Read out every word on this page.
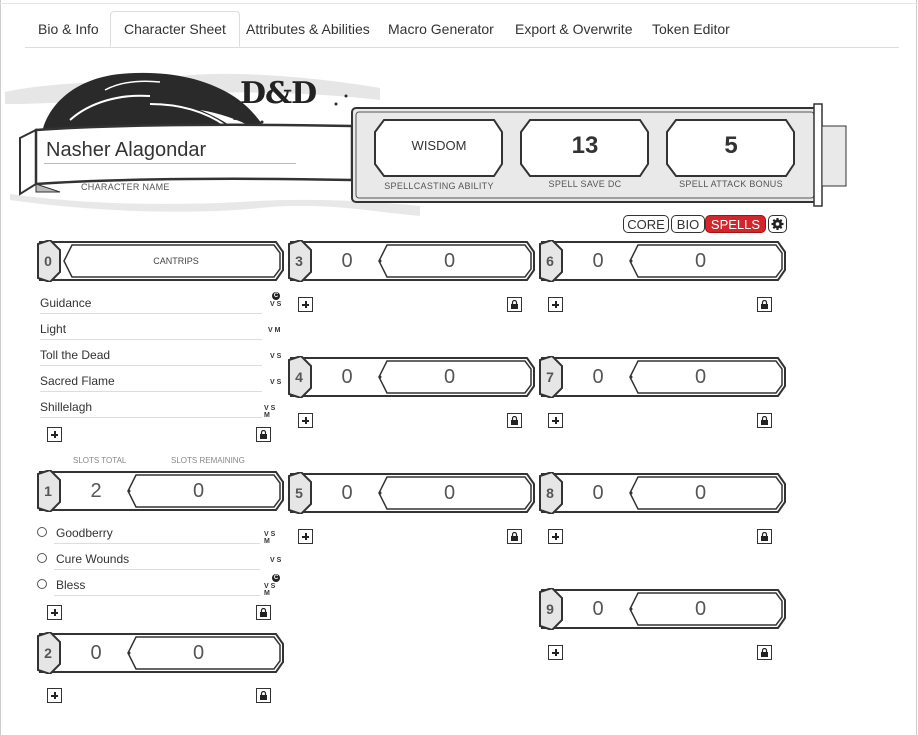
Bio & Info	Character Sheet	Attributes & Abilities	Macro Generator	Export & Overwrite	Token Editor
D&D
Nasher Alagondar
CHARACTER NAME
WISDOM
SPELLCASTING ABILITY
13
SPELL SAVE DC
5
SPELL ATTACK BONUS
CORE BIO SPELLS
0	CANTRIPS
Guidance	C
V S
Light	V M
Toll the Dead	V S
Sacred Flame	V S
Shillelagh	V S M
SLOTS TOTAL	SLOTS REMAINING
1	2	0
Goodberry	V S M
Cure Wounds	V S
Bless	C
V S M
2	0	0
3	0	0
4	0	0
5	0	0
6	0	0
7	0	0
8	0	0
9	0	0
